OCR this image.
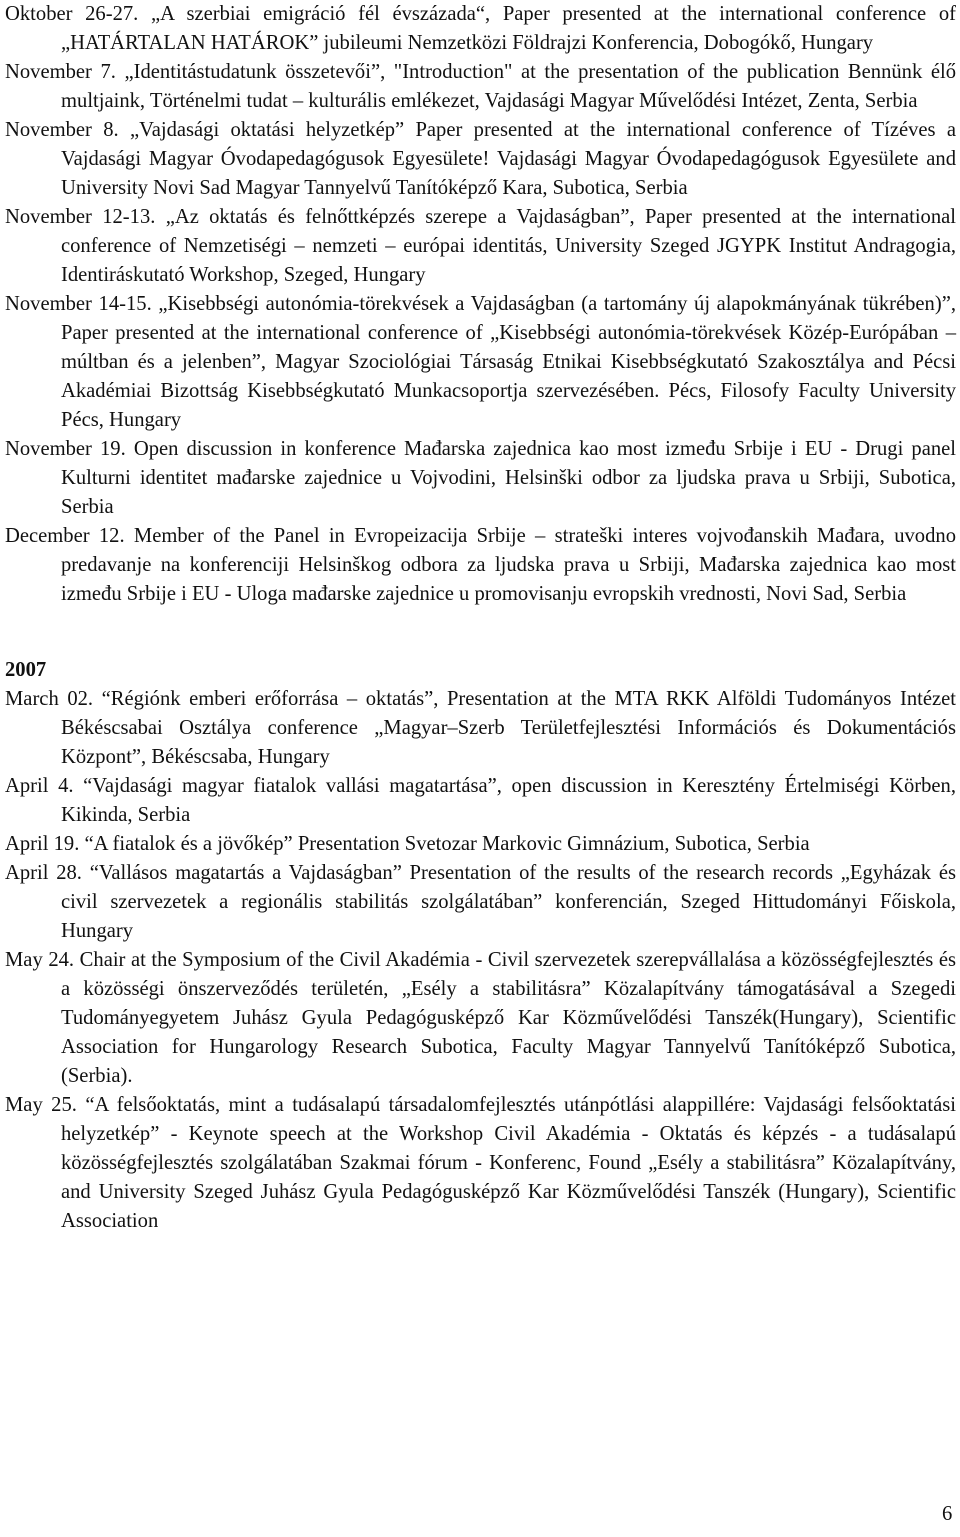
Oktober 26-27. „A szerbiai emigráció fél évszázada“, Paper presented at the international conference of „HATÁRTALAN HATÁROK” jubileumi Nemzetközi Földrajzi Konferencia, Dobogókő, Hungary

November 7. „Identitástudatunk összetevői”, "Introduction" at the presentation of the publication Bennünk élő multjaink, Történelmi tudat – kulturális emlékezet, Vajdasági Magyar Művelődési Intézet, Zenta, Serbia

November 8. „Vajdasági oktatási helyzetkép” Paper presented at the international conference of Tízéves a Vajdasági Magyar Óvodapedagógusok Egyesülete! Vajdasági Magyar Óvodapedagógusok Egyesülete and University Novi Sad Magyar Tannyelvű Tanítóképző Kara, Subotica, Serbia

November 12-13. „Az oktatás és felnőttképzés szerepe a Vajdaságban”, Paper presented at the international conference of Nemzetiségi – nemzeti – európai identitás, University Szeged JGYPK Institut Andragogia, Identiráskutató Workshop, Szeged, Hungary

November 14-15. „Kisebbségi autonómia-törekvések a Vajdaságban (a tartomány új alapokmányának tükrében)”, Paper presented at the international conference of „Kisebbségi autonómia-törekvések Közép-Európában – múltban és a jelenben”, Magyar Szociológiai Társaság Etnikai Kisebbségkutató Szakosztálya and Pécsi Akadémiai Bizottság Kisebbségkutató Munkacsoportja szervezésében. Pécs, Filosofy Faculty University Pécs, Hungary

November 19. Open discussion in konference Mađarska zajednica kao most između Srbije i EU - Drugi panel Kulturni identitet mađarske zajednice u Vojvodini, Helsinški odbor za ljudska prava u Srbiji, Subotica, Serbia

December 12. Member of the Panel in Evropeizacija Srbije – strateški interes vojvođanskih Mađara, uvodno predavanje na konferenciji Helsinškog odbora za ljudska prava u Srbiji, Mađarska zajednica kao most između Srbije i EU - Uloga mađarske zajednice u promovisanju evropskih vrednosti, Novi Sad, Serbia

2007

March 02. “Régiónk emberi erőforrása – oktatás”, Presentation at the MTA RKK Alföldi Tudományos Intézet Békéscsabai Osztálya conference „Magyar–Szerb Területfejlesztési Információs és Dokumentációs Központ”, Békéscsaba, Hungary

April 4. “Vajdasági magyar fiatalok vallási magatartása”, open discussion in Keresztény Értelmiségi Körben, Kikinda, Serbia

April 19. “A fiatalok és a jövőkép” Presentation Svetozar Markovic Gimnázium, Subotica, Serbia

April 28. “Vallásos magatartás a Vajdaságban” Presentation of the results of the research records „Egyházak és civil szervezetek a regionális stabilitás szolgálatában” konferencián, Szeged Hittudományi Főiskola, Hungary

May 24. Chair at the Symposium of the Civil Akadémia - Civil szervezetek szerepvállalása a közösségfejlesztés és a közösségi önszerveződés területén, „Esély a stabilitásra” Közalapítvány támogatásával a Szegedi Tudományegyetem Juhász Gyula Pedagógusképző Kar Közművelődési Tanszék(Hungary), Scientific Association for Hungarology Research Subotica, Faculty Magyar Tannyelvű Tanítóképző Subotica, (Serbia).

May 25. “A felsőoktatás, mint a tudásalapú társadalomfejlesztés utánpótlási alappillére: Vajdasági felsőoktatási helyzetkép” - Keynote speech at the Workshop Civil Akadémia - Oktatás és képzés - a tudásalapú közösségfejlesztés szolgálatában Szakmai fórum - Konferenc, Found „Esély a stabilitásra” Közalapítvány, and University Szeged Juhász Gyula Pedagógusképző Kar Közművelődési Tanszék (Hungary), Scientific Association

6
